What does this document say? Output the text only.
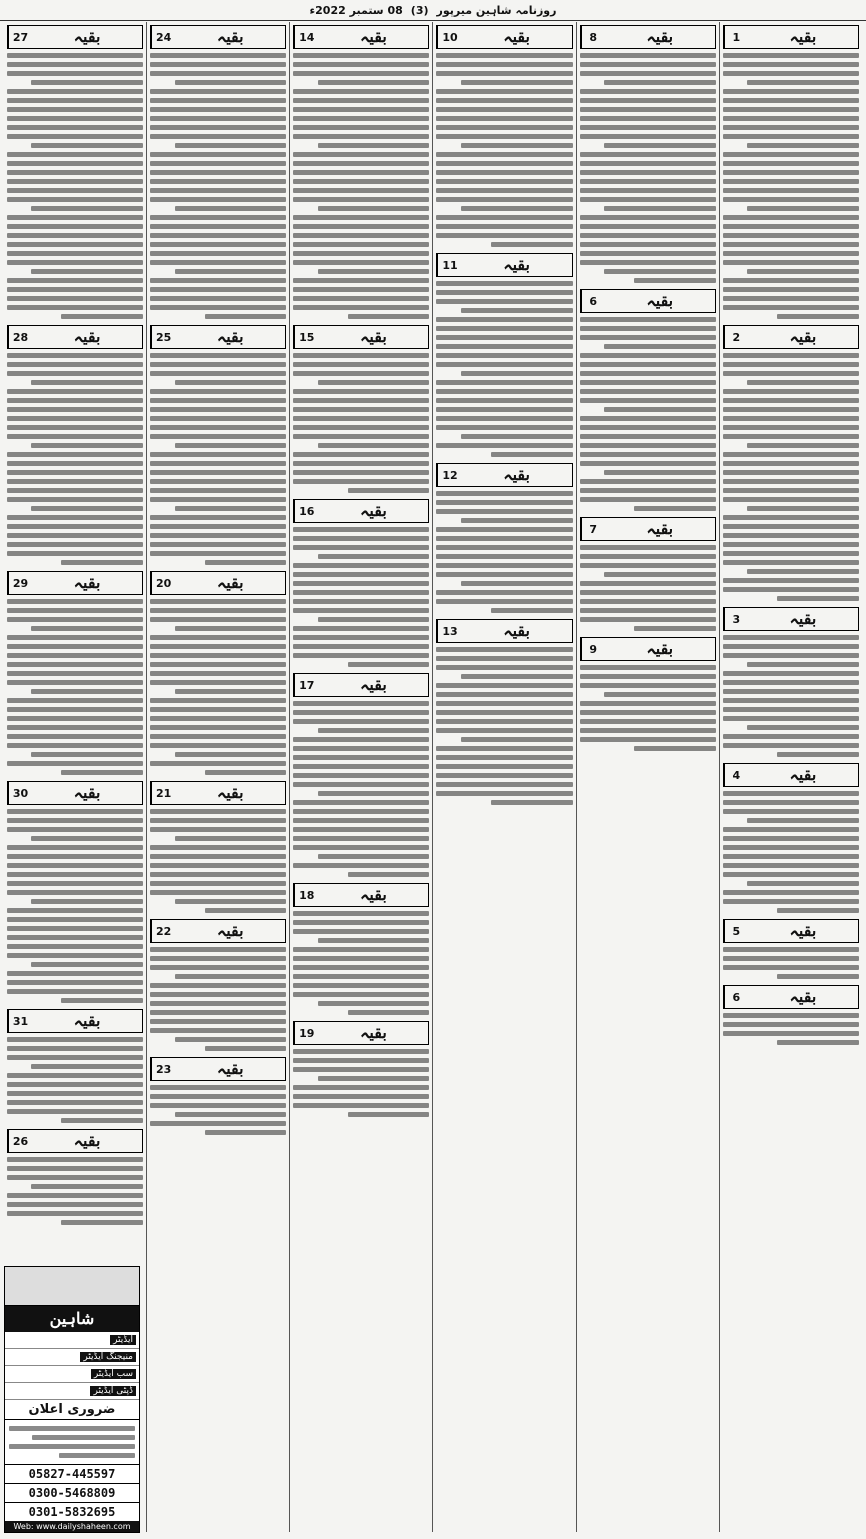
روزنامہ شاہین میرپور
(3)
08 ستمبر 2022ء
بقیہ
1
بقیہ
2
بقیہ
3
بقیہ
4
بقیہ
5
بقیہ
6
بقیہ
8
بقیہ
6
بقیہ
7
بقیہ
9
بقیہ
10
بقیہ
11
بقیہ
12
بقیہ
13
بقیہ
14
بقیہ
15
بقیہ
16
بقیہ
17
بقیہ
18
بقیہ
19
بقیہ
24
بقیہ
25
بقیہ
20
بقیہ
21
بقیہ
22
بقیہ
23
بقیہ
27
بقیہ
28
بقیہ
29
بقیہ
30
بقیہ
31
بقیہ
26
شاہین
ایڈیٹر
منیجنگ ایڈیٹر
سب ایڈیٹر
ڈپٹی ایڈیٹر
ضروری اعلان
05827-445597
0300-5468809
0301-5832695
Web: www.dailyshaheen.com
